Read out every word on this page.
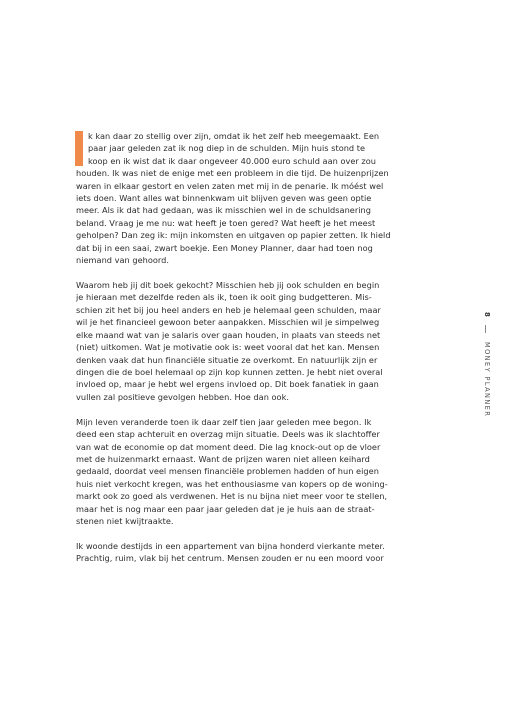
k kan daar zo stellig over zijn, omdat ik het zelf heb meegemaakt. Een
paar jaar geleden zat ik nog diep in de schulden. Mijn huis stond te
koop en ik wist dat ik daar ongeveer 40.000 euro schuld aan over zou
houden. Ik was niet de enige met een probleem in die tijd. De huizenprijzen
waren in elkaar gestort en velen zaten met mij in de penarie. Ik móést wel
iets doen. Want alles wat binnenkwam uit blijven geven was geen optie
meer. Als ik dat had gedaan, was ik misschien wel in de schuldsanering
beland. Vraag je me nu: wat heeft je toen gered? Wat heeft je het meest
geholpen? Dan zeg ik: mijn inkomsten en uitgaven op papier zetten. Ik hield
dat bij in een saai, zwart boekje. Een Money Planner, daar had toen nog
niemand van gehoord.
Waarom heb jij dit boek gekocht? Misschien heb jij ook schulden en begin
je hieraan met dezelfde reden als ik, toen ik ooit ging budgetteren. Mis-
schien zit het bij jou heel anders en heb je helemaal geen schulden, maar
wil je het financieel gewoon beter aanpakken. Misschien wil je simpelweg
elke maand wat van je salaris over gaan houden, in plaats van steeds net
(niet) uitkomen. Wat je motivatie ook is: weet vooral dat het kan. Mensen
denken vaak dat hun financiële situatie ze overkomt. En natuurlijk zijn er
dingen die de boel helemaal op zijn kop kunnen zetten. Je hebt niet overal
invloed op, maar je hebt wel ergens invloed op. Dit boek fanatiek in gaan
vullen zal positieve gevolgen hebben. Hoe dan ook.
Mijn leven veranderde toen ik daar zelf tien jaar geleden mee begon. Ik
deed een stap achteruit en overzag mijn situatie. Deels was ik slachtoffer
van wat de economie op dat moment deed. Die lag knock-out op de vloer
met de huizenmarkt ernaast. Want de prijzen waren niet alleen keihard
gedaald, doordat veel mensen financiële problemen hadden of hun eigen
huis niet verkocht kregen, was het enthousiasme van kopers op de woning-
markt ook zo goed als verdwenen. Het is nu bijna niet meer voor te stellen,
maar het is nog maar een paar jaar geleden dat je je huis aan de straat-
stenen niet kwijtraakte.
Ik woonde destijds in een appartement van bijna honderd vierkante meter.
Prachtig, ruim, vlak bij het centrum. Mensen zouden er nu een moord voor
8
MONEY PLANNER
